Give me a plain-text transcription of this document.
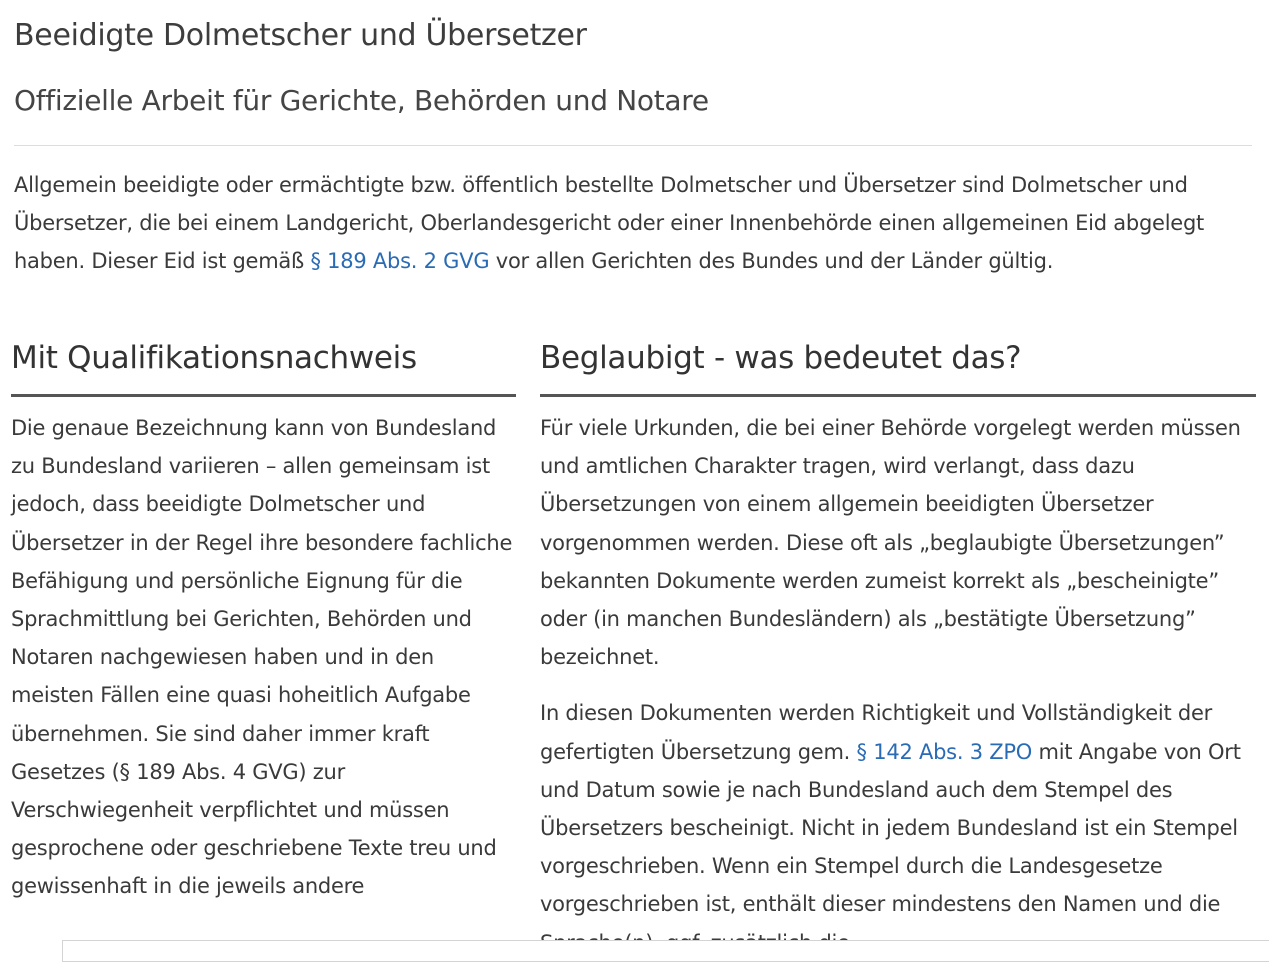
Beeidigte Dolmetscher und Übersetzer
Offizielle Arbeit für Gerichte, Behörden und Notare

Allgemein beeidigte oder ermächtigte bzw. öffentlich bestellte Dolmetscher und Übersetzer sind Dolmetscher und Übersetzer, die bei einem Landgericht, Oberlandesgericht oder einer Innenbehörde einen allgemeinen Eid abgelegt haben. Dieser Eid ist gemäß § 189 Abs. 2 GVG vor allen Gerichten des Bundes und der Länder gültig.

Mit Qualifikationsnachweis

Die genaue Bezeichnung kann von Bundesland zu Bundesland variieren – allen gemeinsam ist jedoch, dass beeidigte Dolmetscher und Übersetzer in der Regel ihre besondere fachliche Befähigung und persönliche Eignung für die Sprachmittlung bei Gerichten, Behörden und Notaren nachgewiesen haben und in den meisten Fällen eine quasi hoheitlich Aufgabe übernehmen. Sie sind daher immer kraft Gesetzes (§ 189 Abs. 4 GVG) zur Verschwiegenheit verpflichtet und müssen gesprochene oder geschriebene Texte treu und gewissenhaft in die jeweils andere

Beglaubigt - was bedeutet das?

Für viele Urkunden, die bei einer Behörde vorgelegt werden müssen und amtlichen Charakter tragen, wird verlangt, dass dazu Übersetzungen von einem allgemein beeidigten Übersetzer vorgenommen werden. Diese oft als „beglaubigte Übersetzungen” bekannten Dokumente werden zumeist korrekt als „bescheinigte” oder (in manchen Bundesländern) als „bestätigte Übersetzung” bezeichnet.

In diesen Dokumenten werden Richtigkeit und Vollständigkeit der gefertigten Übersetzung gem. § 142 Abs. 3 ZPO mit Angabe von Ort und Datum sowie je nach Bundesland auch dem Stempel des Übersetzers bescheinigt. Nicht in jedem Bundesland ist ein Stempel vorgeschrieben. Wenn ein Stempel durch die Landesgesetze vorgeschrieben ist, enthält dieser mindestens den Namen und die
